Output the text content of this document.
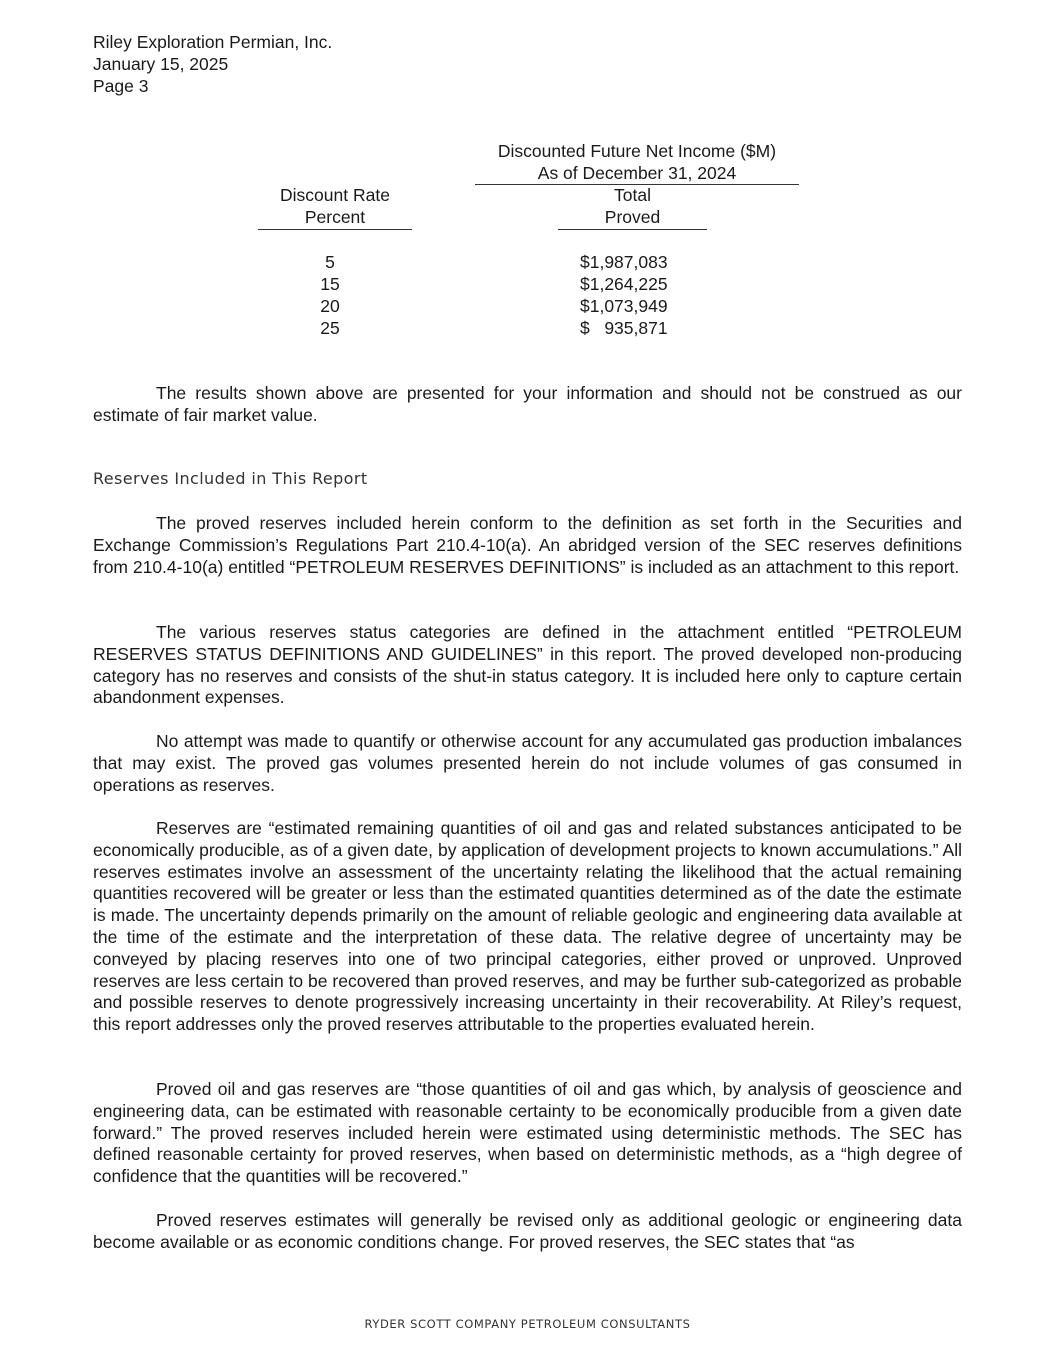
Riley Exploration Permian, Inc.
January 15, 2025
Page 3
Discounted Future Net Income ($M)
As of December 31, 2024
Discount Rate
Percent
Total
Proved
5	$1,987,083
15	$1,264,225
20	$1,073,949
25	$   935,871
The results shown above are presented for your information and should not be construed as our estimate of fair market value.
Reserves Included in This Report
The proved reserves included herein conform to the definition as set forth in the Securities and Exchange Commission’s Regulations Part 210.4-10(a). An abridged version of the SEC reserves definitions from 210.4-10(a) entitled “PETROLEUM RESERVES DEFINITIONS” is included as an attachment to this report.
The various reserves status categories are defined in the attachment entitled “PETROLEUM RESERVES STATUS DEFINITIONS AND GUIDELINES” in this report. The proved developed non-producing category has no reserves and consists of the shut-in status category. It is included here only to capture certain abandonment expenses.
No attempt was made to quantify or otherwise account for any accumulated gas production imbalances that may exist. The proved gas volumes presented herein do not include volumes of gas consumed in operations as reserves.
Reserves are “estimated remaining quantities of oil and gas and related substances anticipated to be economically producible, as of a given date, by application of development projects to known accumulations.” All reserves estimates involve an assessment of the uncertainty relating the likelihood that the actual remaining quantities recovered will be greater or less than the estimated quantities determined as of the date the estimate is made. The uncertainty depends primarily on the amount of reliable geologic and engineering data available at the time of the estimate and the interpretation of these data. The relative degree of uncertainty may be conveyed by placing reserves into one of two principal categories, either proved or unproved. Unproved reserves are less certain to be recovered than proved reserves, and may be further sub-categorized as probable and possible reserves to denote progressively increasing uncertainty in their recoverability. At Riley’s request, this report addresses only the proved reserves attributable to the properties evaluated herein.
Proved oil and gas reserves are “those quantities of oil and gas which, by analysis of geoscience and engineering data, can be estimated with reasonable certainty to be economically producible from a given date forward.” The proved reserves included herein were estimated using deterministic methods. The SEC has defined reasonable certainty for proved reserves, when based on deterministic methods, as a “high degree of confidence that the quantities will be recovered.”
Proved reserves estimates will generally be revised only as additional geologic or engineering data become available or as economic conditions change. For proved reserves, the SEC states that “as
RYDER SCOTT COMPANY PETROLEUM CONSULTANTS
